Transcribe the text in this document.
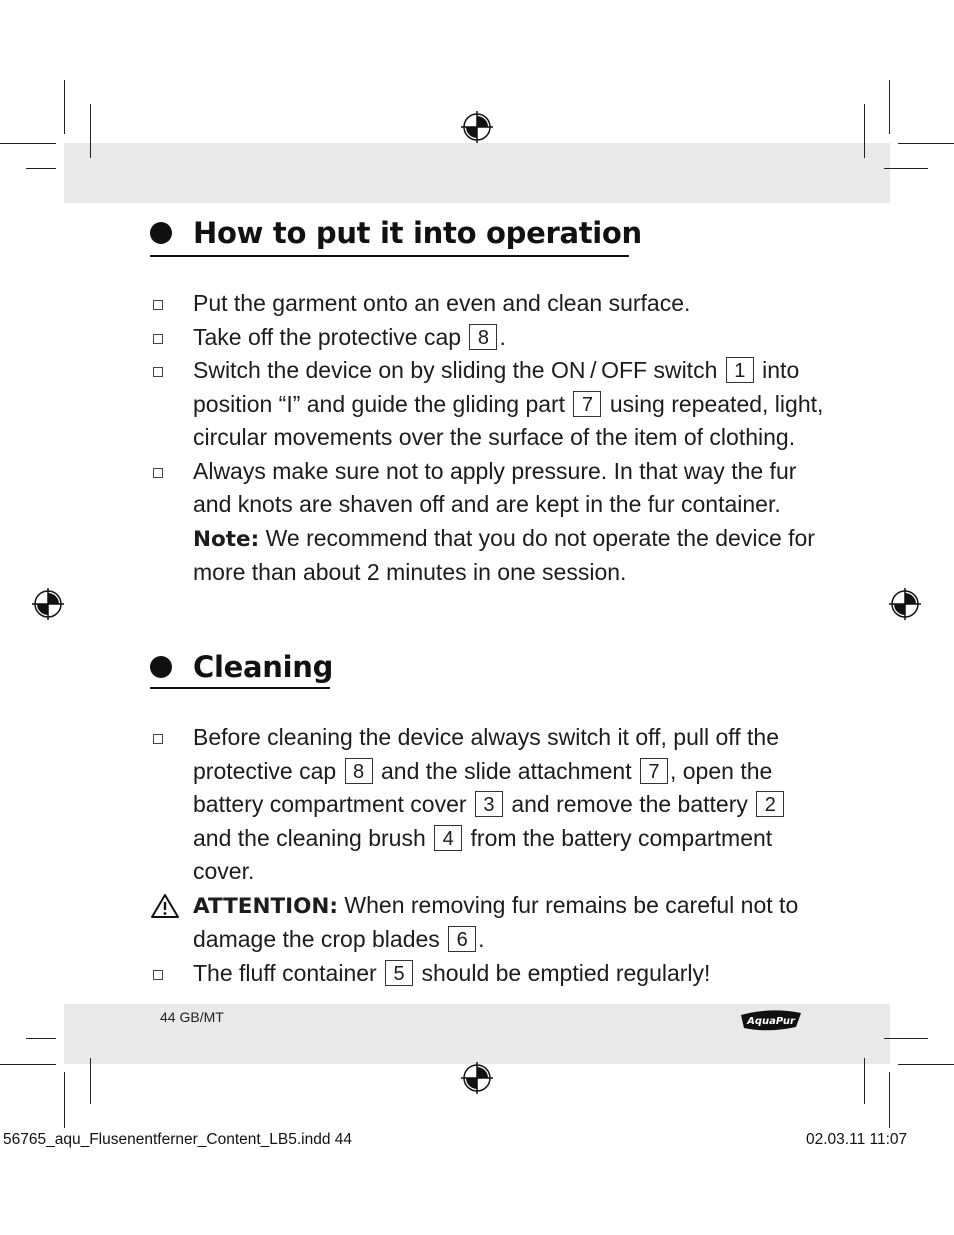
How to put it into operation
Put the garment onto an even and clean surface.
Take off the protective cap 8 .
Switch the device on by sliding the ON / OFF switch 1 into position “I” and guide the gliding part 7 using repeated, light, circular movements over the surface of the item of clothing.
Always make sure not to apply pressure. In that way the fur and knots are shaven off and are kept in the fur container. Note: We recommend that you do not operate the device for more than about 2 minutes in one session.
Cleaning
Before cleaning the device always switch it off, pull off the protective cap 8 and the slide attachment 7 , open the battery compartment cover 3 and remove the battery 2 and the cleaning brush 4 from the battery compartment cover.
ATTENTION: When removing fur remains be careful not to damage the crop blades 6 .
The fluff container 5 should be emptied regularly!
44 GB/MT	AquaPur
56765_aqu_Flusenentferner_Content_LB5.indd 44	02.03.11 11:07
